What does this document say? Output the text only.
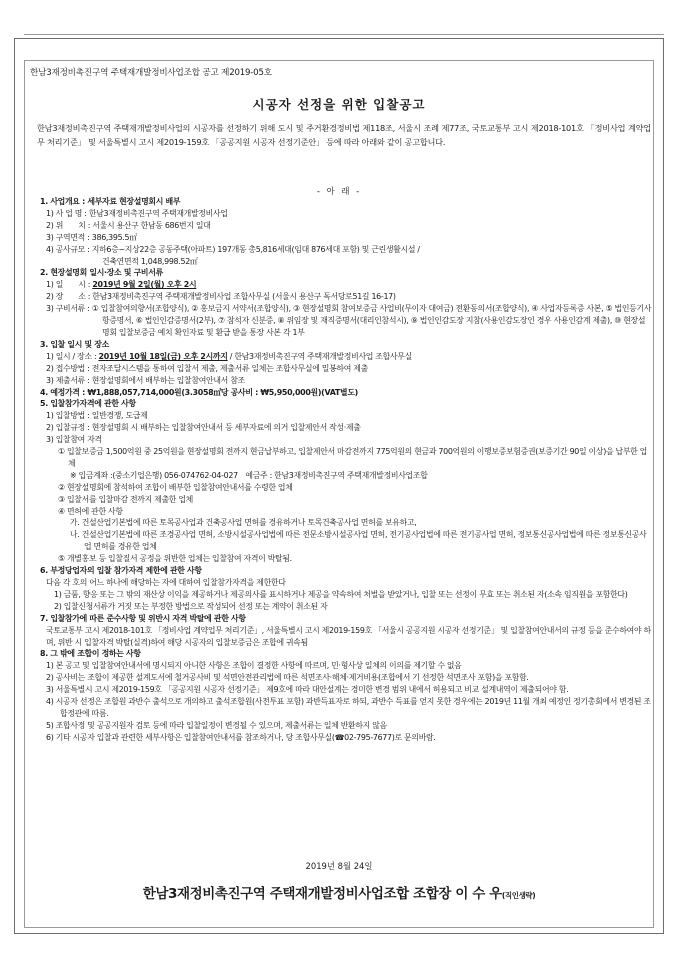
한남3재정비촉진구역 주택재개발정비사업조합 공고 제2019-05호
시공자 선정을 위한 입찰공고
한남3재정비촉진구역 주택재개발정비사업의 시공자를 선정하기 위해 도시 및 주거환경정비법 제118조, 서울시 조례 제77조, 국토교통부 고시 제2018-101호 「정비사업 계약업무 처리기준」 및 서울특별시 고시 제2019-159호 「공공지원 시공자 선정기준안」 등에 따라 아래와 같이 공고합니다.
- 아 래 -
1. 사업개요 : 세부자료 현장설명회시 배부
1) 사 업 명 : 한남3재정비촉진구역 주택재개발정비사업
2) 위　　치 : 서울시 용산구 한남동 686번지 일대
3) 구역면적 : 386,395.5㎡
4) 공사규모 : 지하6층~지상22층 공동주택(아파트) 197개동 총5,816세대(임대 876세대 포함) 및 근린생활시설 /
건축연면적 1,048,998.52㎡
2. 현장설명회 일시·장소 및 구비서류
1) 일　　시 : 2019년 9월 2일(월) 오후 2시
2) 장　　소 : 한남3재정비촉진구역 주택재개발정비사업 조합사무실 (서울시 용산구 독서당로51길 16-17)
3) 구비서류 : ① 입찰참여의향서(조합양식), ② 홍보금지 서약서(조합양식), ③ 현장설명회 참여보증금 사업비(무이자 대여금) 전환동의서(조합양식), ④ 사업자등록증 사본, ⑤ 법인등기사항증명서, ⑥ 법인인감증명서(2부), ⑦ 참석자 신분증, ⑧ 위임장 및 재직증명서(대리인참석시), ⑨ 법인인감도장 지참(사용인감도장인 경우 사용인감계 제출), ⑩ 현장설명회 입찰보증금 예치 확인자료 및 환급 받을 통장 사본 각 1부
3. 입찰 일시 및 장소
1) 일시 / 장소 : 2019년 10월 18일(금) 오후 2시까지 / 한남3재정비촉진구역 주택재개발정비사업 조합사무실
2) 접수방법 : 전자조달시스템을 통하여 입찰서 제출, 제출서류 일체는 조합사무실에 밀봉하여 제출
3) 제출서류 : 현장설명회에서 배부하는 입찰참여안내서 참조
4. 예정가격 : ₩1,888,057,714,000원(3.3058㎡당 공사비 : ₩5,950,000원)(VAT별도)
5. 입찰참가자격에 관한 사항
1) 입찰방법 : 일반경쟁, 도급제
2) 입찰규정 : 현장설명회 시 배부하는 입찰참여안내서 등 세부자료에 의거 입찰제안서 작성·제출
3) 입찰참여 자격
① 입찰보증금 1,500억원 중 25억원을 현장설명회 전까지 현금납부하고, 입찰제안서 마감전까지 775억원의 현금과 700억원의 이행보증보험증권(보증기간 90일 이상)을 납부한 업체
※ 입금계좌 :(중소기업은행) 056-074762-04-027　예금주 : 한남3재정비촉진구역 주택재개발정비사업조합
② 현장설명회에 참석하여 조합이 배부한 입찰참여안내서를 수령한 업체
③ 입찰서를 입찰마감 전까지 제출한 업체
④ 면허에 관한 사항
가. 건설산업기본법에 따른 토목공사업과 건축공사업 면허를 경유하거나 토목건축공사업 면허를 보유하고,
나. 건설산업기본법에 따른 조경공사업 면허, 소방시설공사업법에 따른 전문소방시설공사업 면허, 전기공사업법에 따른 전기공사업 면허, 정보통신공사업법에 따른 정보통신공사업 면허를 경유한 업체
⑤ 개별홍보 등 입찰질서 공정을 위반한 업체는 입찰참여 자격이 박탈됨.
6. 부정당업자의 입찰 참가자격 제한에 관한 사항
다음 각 호의 어느 하나에 해당하는 자에 대하여 입찰참가자격을 제한한다
1) 금품, 향응 또는 그 밖의 재산상 이익을 제공하거나 제공의사를 표시하거나 제공을 약속하여 처벌을 받았거나, 입찰 또는 선정이 무효 또는 취소된 자(소속 임직원을 포함한다)
2) 입찰신청서류가 거짓 또는 부정한 방법으로 작성되어 선정 또는 계약이 취소된 자
7. 입찰참가에 따른 준수사항 및 위반시 자격 박탈에 관한 사항
국토교통부 고시 제2018-101호 「정비사업 계약업무 처리기준」, 서울특별시 고시 제2019-159호 「서울시 공공지원 시공자 선정기준」 및 입찰참여안내서의 규정 등을 준수하여야 하며, 위반 시 입찰자격 박탈(실격)하여 해당 시공자의 입찰보증금은 조합에 귀속됨
8. 그 밖에 조합이 정하는 사항
1) 본 공고 및 입찰참여안내서에 명시되지 아니한 사항은 조합이 결정한 사항에 따르며, 민·형사상 일체의 이의를 제기할 수 없음
2) 공사비는 조합이 제공한 설계도서에 철거공사비 및 석면안전관리법에 따른 석면조사·해체·제거비용(조합에서 기 선정한 석면조사 포함)을 포함함.
3) 서울특별시 고시 제2019-159호 「공공지원 시공자 선정기준」 제9호에 따라 대안설계는 경미한 변경 범위 내에서 허용되고 비교 설계내역이 제출되어야 함.
4) 시공자 선정은 조합원 과반수 출석으로 개의하고 출석조합원(사전투표 포함) 과반득표자로 하되, 과반수 득표를 얻지 못한 경우에는 2019년 11월 개최 예정인 정기총회에서 변경된 조합정관에 따름.
5) 조합사정 및 공공지원자 검토 등에 따라 입찰일정이 변경될 수 있으며, 제출서류는 일체 반환하지 않음
6) 기타 시공자 입찰과 관련한 세부사항은 입찰참여안내서를 참조하거나, 당 조합사무실(☎02-795-7677)로 문의바람.
2019년 8월 24일
한남3재정비촉진구역 주택재개발정비사업조합 조합장 이 수 우(직인생략)
